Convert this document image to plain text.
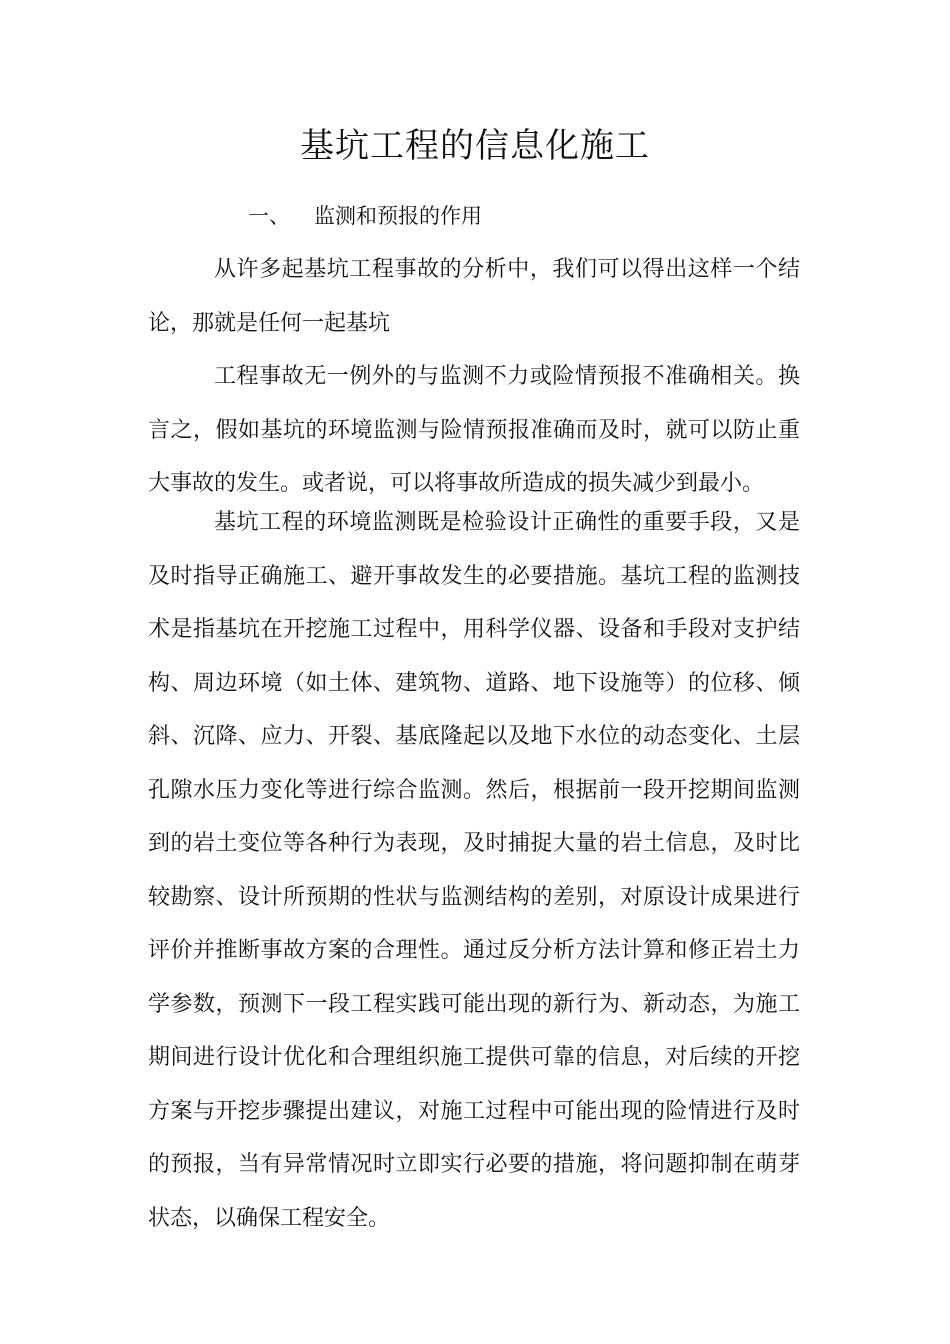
基坑工程的信息化施工
一、 监测和预报的作用

从许多起基坑工程事故的分析中，我们可以得出这样一个结论，那就是任何一起基坑

工程事故无一例外的与监测不力或险情预报不准确相关。换言之，假如基坑的环境监测与险情预报准确而及时，就可以防止重大事故的发生。或者说，可以将事故所造成的损失减少到最小。

基坑工程的环境监测既是检验设计正确性的重要手段，又是及时指导正确施工、避开事故发生的必要措施。基坑工程的监测技术是指基坑在开挖施工过程中，用科学仪器、设备和手段对支护结构、周边环境（如土体、建筑物、道路、地下设施等）的位移、倾斜、沉降、应力、开裂、基底隆起以及地下水位的动态变化、土层孔隙水压力变化等进行综合监测。然后，根据前一段开挖期间监测到的岩土变位等各种行为表现，及时捕捉大量的岩土信息，及时比较勘察、设计所预期的性状与监测结构的差别，对原设计成果进行评价并推断事故方案的合理性。通过反分析方法计算和修正岩土力学参数，预测下一段工程实践可能出现的新行为、新动态，为施工期间进行设计优化和合理组织施工提供可靠的信息，对后续的开挖方案与开挖步骤提出建议，对施工过程中可能出现的险情进行及时的预报，当有异常情况时立即实行必要的措施，将问题抑制在萌芽状态，以确保工程安全。
